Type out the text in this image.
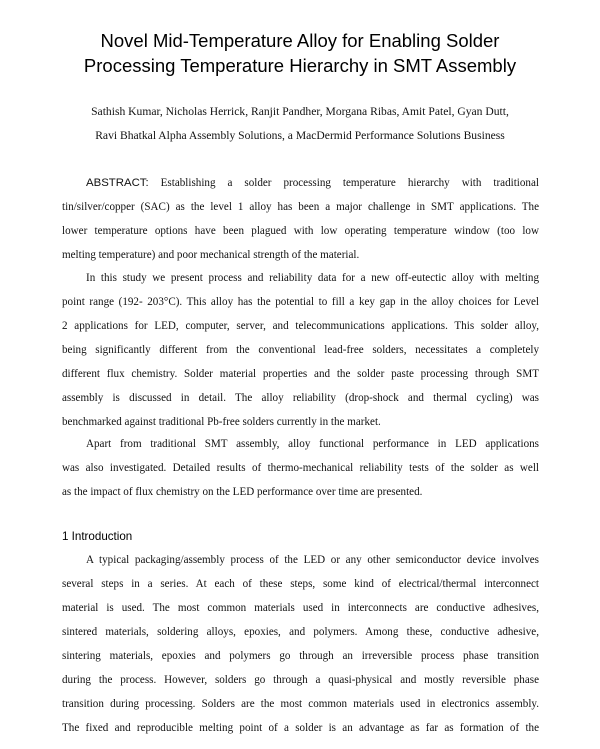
Novel Mid-Temperature Alloy for Enabling Solder
Processing Temperature Hierarchy in SMT Assembly
Sathish Kumar, Nicholas Herrick, Ranjit Pandher, Morgana Ribas, Amit Patel, Gyan Dutt,
Ravi Bhatkal Alpha Assembly Solutions, a MacDermid Performance Solutions Business
ABSTRACT: Establishing a solder processing temperature hierarchy with traditional
tin/silver/copper (SAC) as the level 1 alloy has been a major challenge in SMT applications. The
lower temperature options have been plagued with low operating temperature window (too low
melting temperature) and poor mechanical strength of the material.
In this study we present process and reliability data for a new off-eutectic alloy with melting
point range (192- 203°C). This alloy has the potential to fill a key gap in the alloy choices for Level
2 applications for LED, computer, server, and telecommunications applications. This solder alloy,
being significantly different from the conventional lead-free solders, necessitates a completely
different flux chemistry. Solder material properties and the solder paste processing through SMT
assembly is discussed in detail. The alloy reliability (drop-shock and thermal cycling) was
benchmarked against traditional Pb-free solders currently in the market.
Apart from traditional SMT assembly, alloy functional performance in LED applications
was also investigated. Detailed results of thermo-mechanical reliability tests of the solder as well
as the impact of flux chemistry on the LED performance over time are presented.
1 Introduction
A typical packaging/assembly process of the LED or any other semiconductor device involves
several steps in a series. At each of these steps, some kind of electrical/thermal interconnect
material is used. The most common materials used in interconnects are conductive adhesives,
sintered materials, soldering alloys, epoxies, and polymers. Among these, conductive adhesive,
sintering materials, epoxies and polymers go through an irreversible process phase transition
during the process. However, solders go through a quasi-physical and mostly reversible phase
transition during processing. Solders are the most common materials used in electronics assembly.
The fixed and reproducible melting point of a solder is an advantage as far as formation of the
